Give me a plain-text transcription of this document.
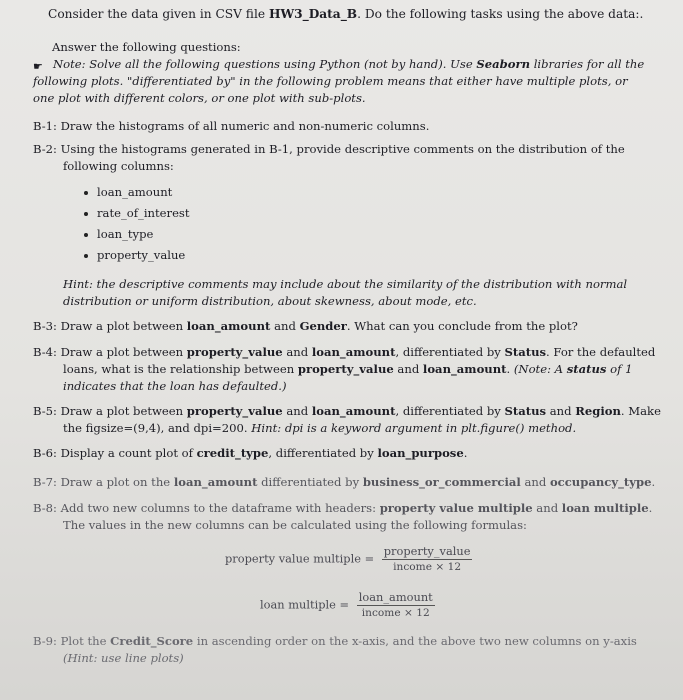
Consider the data given in CSV file HW3_Data_B. Do the following tasks using the above data:.
Answer the following questions:
☛ Note: Solve all the following questions using Python (not by hand). Use Seaborn libraries for all the following plots. "differentiated by" in the following problem means that either have multiple plots, or one plot with different colors, or one plot with sub-plots.
B-1: Draw the histograms of all numeric and non-numeric columns.
B-2: Using the histograms generated in B-1, provide descriptive comments on the distribution of the following columns:
loan_amount
rate_of_interest
loan_type
property_value
Hint: the descriptive comments may include about the similarity of the distribution with normal distribution or uniform distribution, about skewness, about mode, etc.
B-3: Draw a plot between loan_amount and Gender. What can you conclude from the plot?
B-4: Draw a plot between property_value and loan_amount, differentiated by Status. For the defaulted loans, what is the relationship between property_value and loan_amount. (Note: A status of 1 indicates that the loan has defaulted.)
B-5: Draw a plot between property_value and loan_amount, differentiated by Status and Region. Make the figsize=(9,4), and dpi=200. Hint: dpi is a keyword argument in plt.figure() method.
B-6: Display a count plot of credit_type, differentiated by loan_purpose.
B-7: Draw a plot on the loan_amount differentiated by business_or_commercial and occupancy_type.
B-8: Add two new columns to the dataframe with headers: property value multiple and loan multiple. The values in the new columns can be calculated using the following formulas:
property value multiple = $\frac{\text{property\_value}}{\text{income × 12}}$
loan multiple = $\frac{\text{loan\_amount}}{\text{income × 12}}$
B-9: Plot the Credit_Score in ascending order on the x-axis, and the above two new columns on y-axis
(Hint: use line plots)
